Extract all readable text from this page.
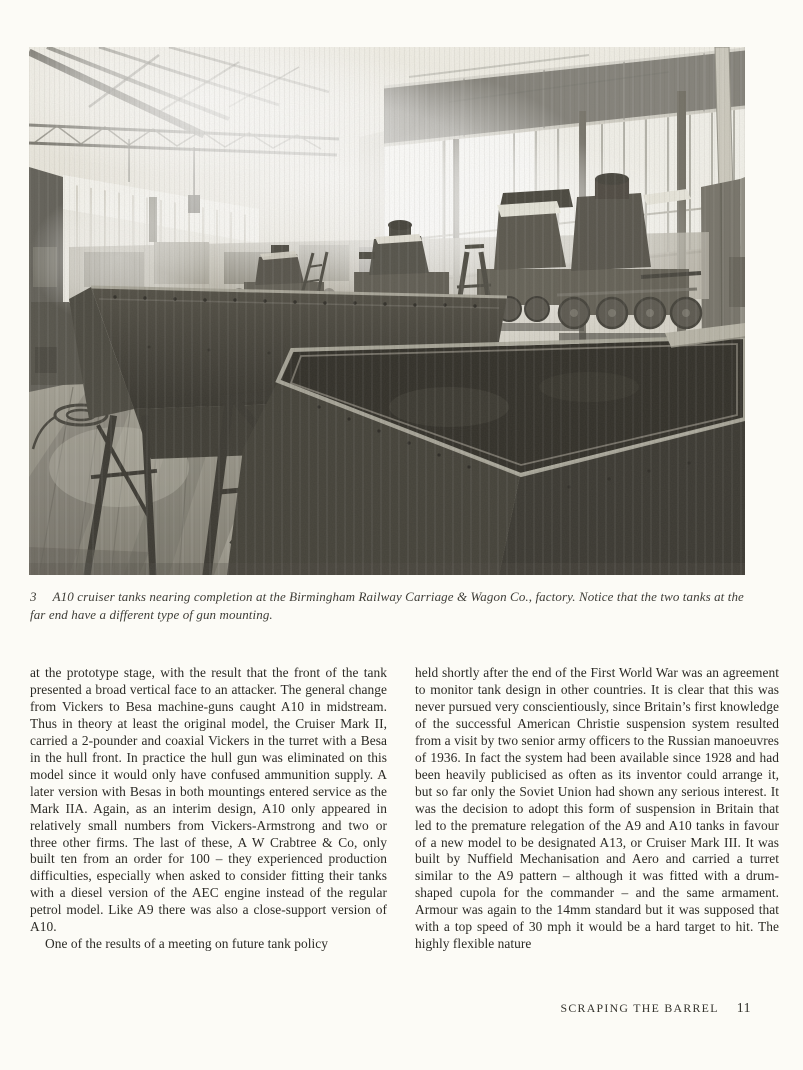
3 A10 cruiser tanks nearing completion at the Birmingham Railway Carriage & Wagon Co., factory. Notice that the two tanks at the far end have a different type of gun mounting.

at the prototype stage, with the result that the front of the tank presented a broad vertical face to an attacker. The general change from Vickers to Besa machine-guns caught A10 in midstream. Thus in theory at least the original model, the Cruiser Mark II, carried a 2-pounder and coaxial Vickers in the turret with a Besa in the hull front. In practice the hull gun was eliminated on this model since it would only have confused ammunition supply. A later version with Besas in both mountings entered service as the Mark IIA. Again, as an interim design, A10 only appeared in relatively small numbers from Vickers-Armstrong and two or three other firms. The last of these, A W Crabtree & Co, only built ten from an order for 100 – they experienced production difficulties, especially when asked to consider fitting their tanks with a diesel version of the AEC engine instead of the regular petrol model. Like A9 there was also a close-support version of A10.

One of the results of a meeting on future tank policy

held shortly after the end of the First World War was an agreement to monitor tank design in other countries. It is clear that this was never pursued very conscientiously, since Britain’s first knowledge of the successful American Christie suspension system resulted from a visit by two senior army officers to the Russian manoeuvres of 1936. In fact the system had been available since 1928 and had been heavily publicised as often as its inventor could arrange it, but so far only the Soviet Union had shown any serious interest. It was the decision to adopt this form of suspension in Britain that led to the premature relegation of the A9 and A10 tanks in favour of a new model to be designated A13, or Cruiser Mark III. It was built by Nuffield Mechanisation and Aero and carried a turret similar to the A9 pattern – although it was fitted with a drum-shaped cupola for the commander – and the same armament. Armour was again to the 14mm standard but it was supposed that with a top speed of 30 mph it would be a hard target to hit. The highly flexible nature

SCRAPING THE BARREL 11
